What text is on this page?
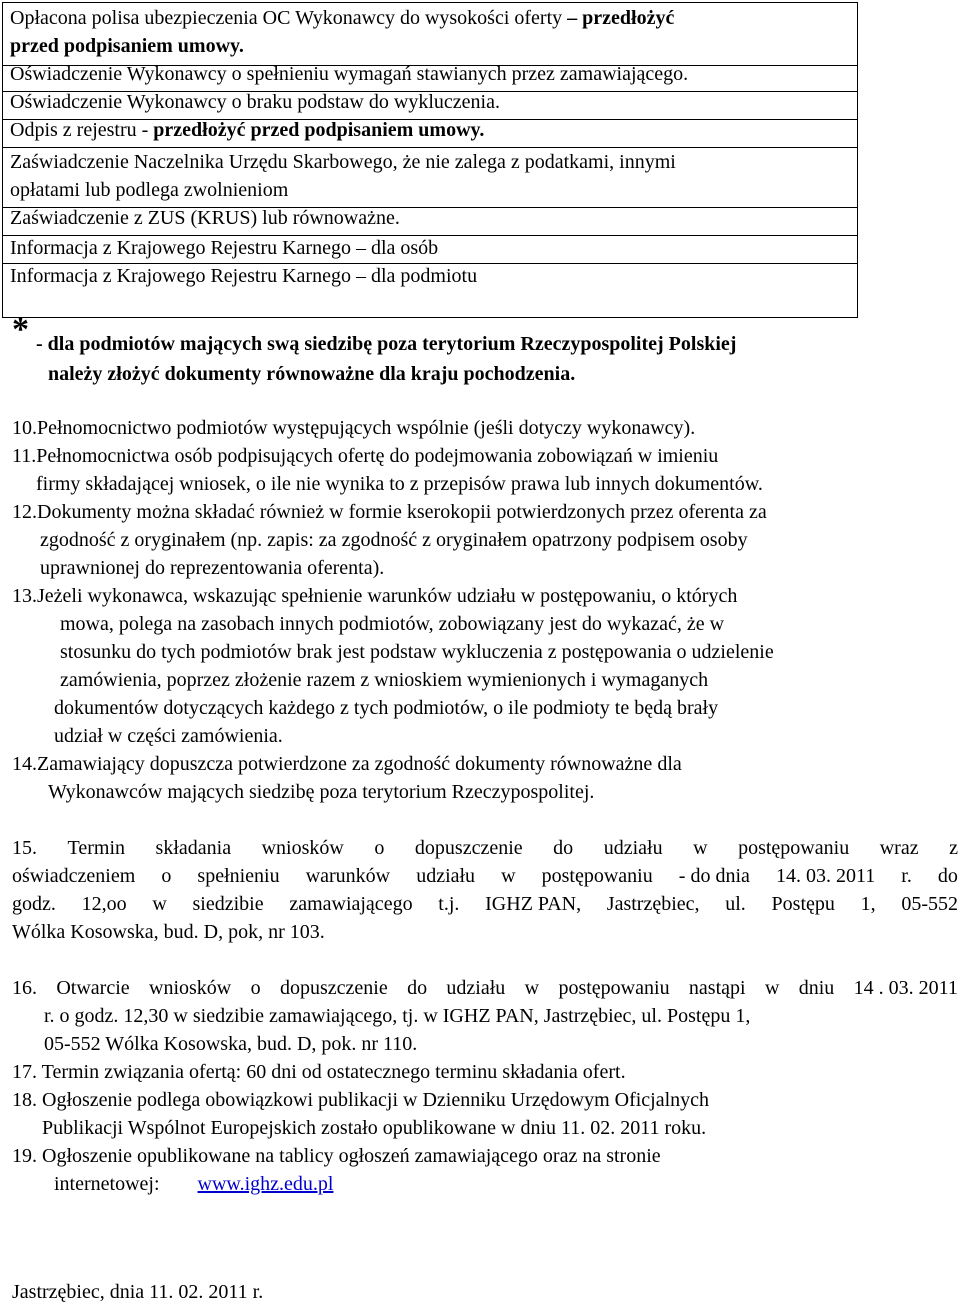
Opłacona polisa ubezpieczenia OC Wykonawcy do wysokości oferty – przedłożyć
przed podpisaniem umowy.
Oświadczenie Wykonawcy o spełnieniu wymagań stawianych przez zamawiającego.
Oświadczenie Wykonawcy o braku podstaw do wykluczenia.
Odpis z rejestru - przedłożyć przed podpisaniem umowy.
Zaświadczenie Naczelnika Urzędu Skarbowego, że nie zalega z podatkami, innymi
opłatami lub podlega zwolnieniom
Zaświadczenie z ZUS (KRUS) lub równoważne.
Informacja z Krajowego Rejestru Karnego – dla osób
Informacja z Krajowego Rejestru Karnego – dla podmiotu
* - dla podmiotów mających swą siedzibę poza terytorium Rzeczypospolitej Polskiej
należy złożyć dokumenty równoważne dla kraju pochodzenia.
10.Pełnomocnictwo podmiotów występujących wspólnie (jeśli dotyczy wykonawcy).
11.Pełnomocnictwa osób podpisujących ofertę do podejmowania zobowiązań w imieniu
firmy składającej wniosek, o ile nie wynika to z przepisów prawa lub innych dokumentów.
12.Dokumenty można składać również w formie kserokopii potwierdzonych przez oferenta za
zgodność z oryginałem (np. zapis: za zgodność z oryginałem opatrzony podpisem osoby
uprawnionej do reprezentowania oferenta).
13.Jeżeli wykonawca, wskazując spełnienie warunków udziału w postępowaniu, o których
mowa, polega na zasobach innych podmiotów, zobowiązany jest do wykazać, że w
stosunku do tych podmiotów brak jest podstaw wykluczenia z postępowania o udzielenie
zamówienia, poprzez złożenie razem z wnioskiem wymienionych i wymaganych
dokumentów dotyczących każdego z tych podmiotów, o ile podmioty te będą brały
udział w części zamówienia.
14.Zamawiający dopuszcza potwierdzone za zgodność dokumenty równoważne dla
Wykonawców mających siedzibę poza terytorium Rzeczypospolitej.
15. Termin składania wniosków o dopuszczenie do udziału w postępowaniu wraz z
oświadczeniem o spełnieniu warunków udziału w postępowaniu - do dnia 14. 03. 2011 r. do
godz. 12,oo w siedzibie zamawiającego t.j. IGHZ PAN, Jastrzębiec, ul. Postępu 1, 05-552
Wólka Kosowska, bud. D, pok, nr 103.
16. Otwarcie wniosków o dopuszczenie do udziału w postępowaniu nastąpi w dniu 14 . 03. 2011
r. o godz. 12,30 w siedzibie zamawiającego, tj. w IGHZ PAN, Jastrzębiec, ul. Postępu 1,
05-552 Wólka Kosowska, bud. D, pok. nr 110.
17. Termin związania ofertą: 60 dni od ostatecznego terminu składania ofert.
18. Ogłoszenie podlega obowiązkowi publikacji w Dzienniku Urzędowym Oficjalnych
Publikacji Wspólnot Europejskich zostało opublikowane w dniu 11. 02. 2011 roku.
19. Ogłoszenie opublikowane na tablicy ogłoszeń zamawiającego oraz na stronie
internetowej: www.ighz.edu.pl
Jastrzębiec, dnia 11. 02. 2011 r.
